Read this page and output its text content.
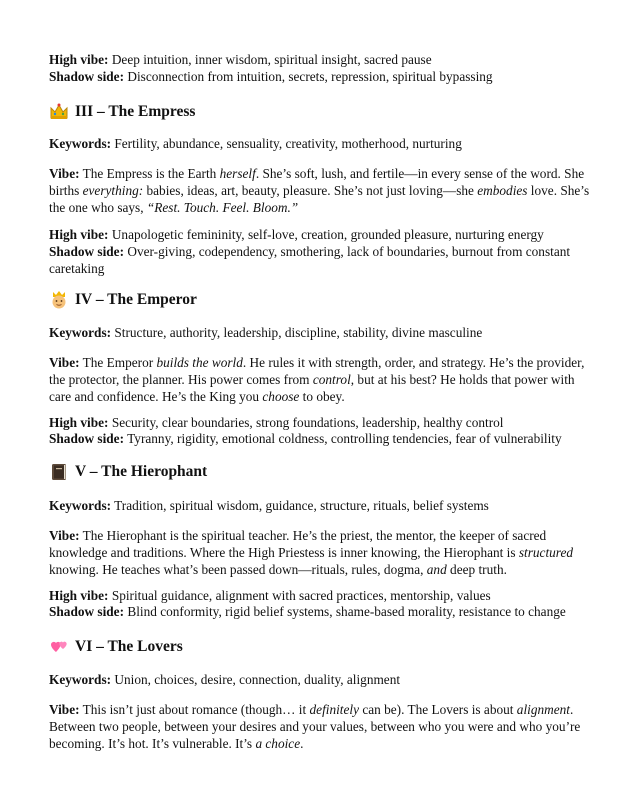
High vibe: Deep intuition, inner wisdom, spiritual insight, sacred pause

Shadow side: Disconnection from intuition, secrets, repression, spiritual bypassing

III – The Empress

Keywords: Fertility, abundance, sensuality, creativity, motherhood, nurturing

Vibe: The Empress is the Earth herself. She’s soft, lush, and fertile—in every sense of the word. She births everything: babies, ideas, art, beauty, pleasure. She’s not just loving—she embodies love. She’s the one who says, “Rest. Touch. Feel. Bloom.”

High vibe: Unapologetic femininity, self-love, creation, grounded pleasure, nurturing energy

Shadow side: Over-giving, codependency, smothering, lack of boundaries, burnout from constant caretaking

IV – The Emperor

Keywords: Structure, authority, leadership, discipline, stability, divine masculine

Vibe: The Emperor builds the world. He rules it with strength, order, and strategy. He’s the provider, the protector, the planner. His power comes from control, but at his best? He holds that power with care and confidence. He’s the King you choose to obey.

High vibe: Security, clear boundaries, strong foundations, leadership, healthy control

Shadow side: Tyranny, rigidity, emotional coldness, controlling tendencies, fear of vulnerability

V – The Hierophant

Keywords: Tradition, spiritual wisdom, guidance, structure, rituals, belief systems

Vibe: The Hierophant is the spiritual teacher. He’s the priest, the mentor, the keeper of sacred knowledge and traditions. Where the High Priestess is inner knowing, the Hierophant is structured knowing. He teaches what’s been passed down—rituals, rules, dogma, and deep truth.

High vibe: Spiritual guidance, alignment with sacred practices, mentorship, values

Shadow side: Blind conformity, rigid belief systems, shame-based morality, resistance to change

VI – The Lovers

Keywords: Union, choices, desire, connection, duality, alignment

Vibe: This isn’t just about romance (though… it definitely can be). The Lovers is about alignment. Between two people, between your desires and your values, between who you were and who you’re becoming. It’s hot. It’s vulnerable. It’s a choice.
